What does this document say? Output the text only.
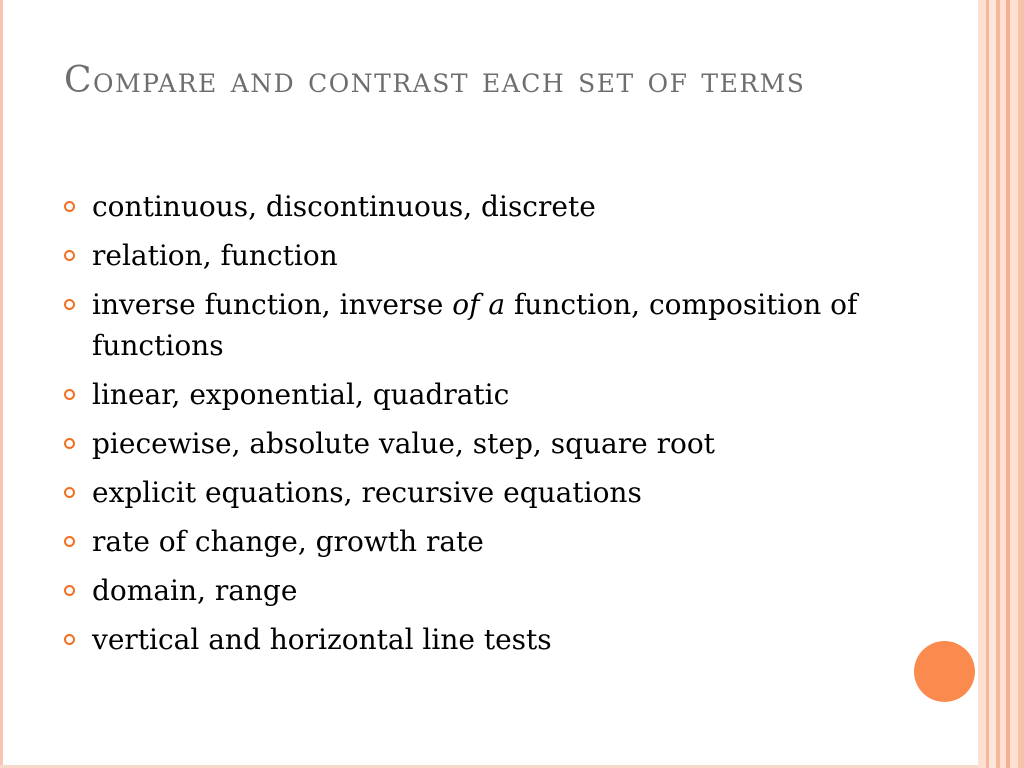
Compare and contrast each set of terms
continuous, discontinuous, discrete
relation, function
inverse function, inverse of a function, composition of functions
linear, exponential, quadratic
piecewise, absolute value, step, square root
explicit equations, recursive equations
rate of change, growth rate
domain, range
vertical and horizontal line tests
